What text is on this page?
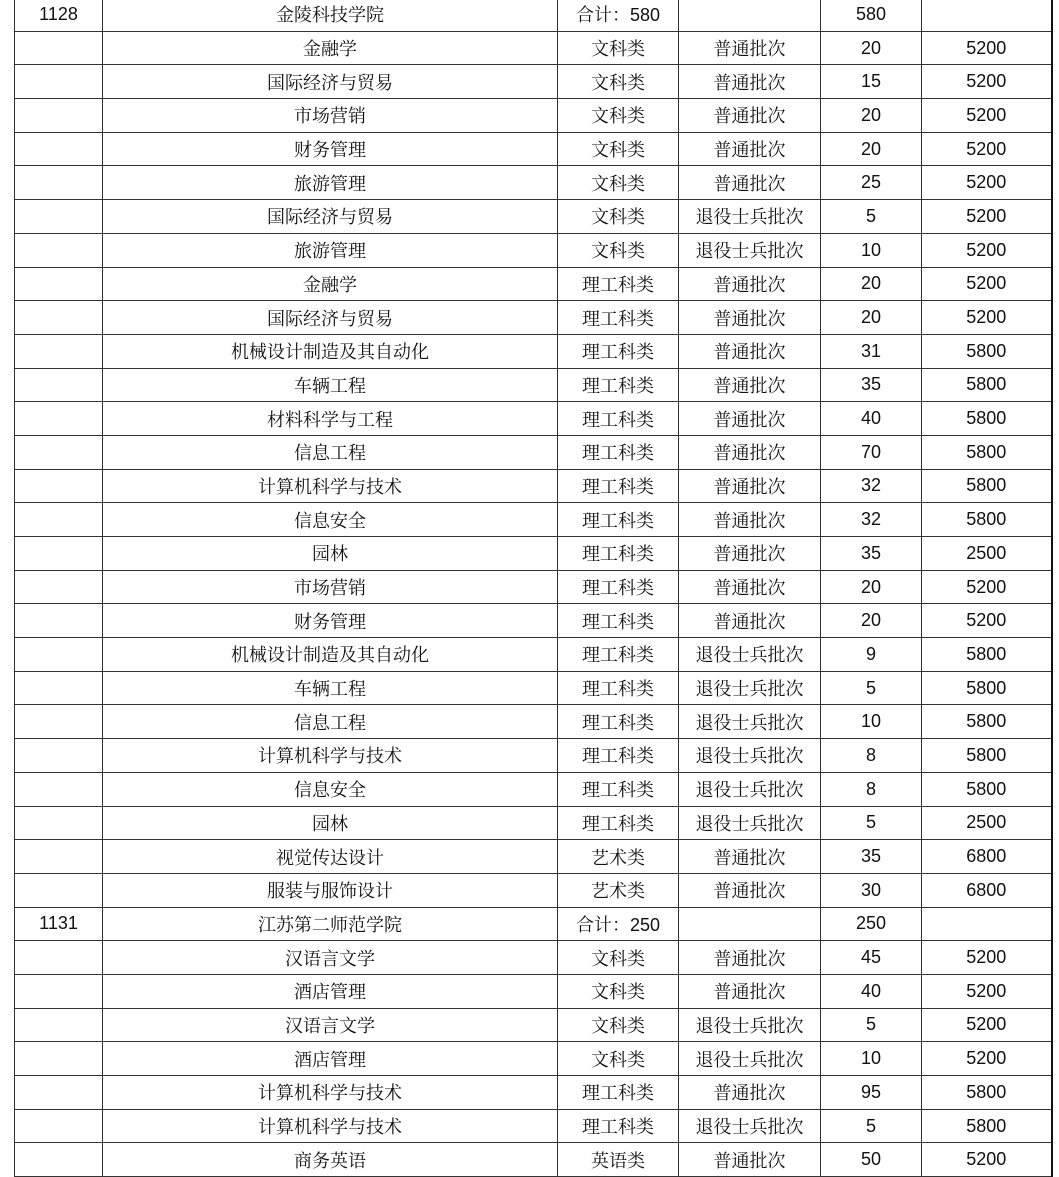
1128	金陵科技学院	合计：580		580	
	金融学	文科类	普通批次	20	5200
	国际经济与贸易	文科类	普通批次	15	5200
	市场营销	文科类	普通批次	20	5200
	财务管理	文科类	普通批次	20	5200
	旅游管理	文科类	普通批次	25	5200
	国际经济与贸易	文科类	退役士兵批次	5	5200
	旅游管理	文科类	退役士兵批次	10	5200
	金融学	理工科类	普通批次	20	5200
	国际经济与贸易	理工科类	普通批次	20	5200
	机械设计制造及其自动化	理工科类	普通批次	31	5800
	车辆工程	理工科类	普通批次	35	5800
	材料科学与工程	理工科类	普通批次	40	5800
	信息工程	理工科类	普通批次	70	5800
	计算机科学与技术	理工科类	普通批次	32	5800
	信息安全	理工科类	普通批次	32	5800
	园林	理工科类	普通批次	35	2500
	市场营销	理工科类	普通批次	20	5200
	财务管理	理工科类	普通批次	20	5200
	机械设计制造及其自动化	理工科类	退役士兵批次	9	5800
	车辆工程	理工科类	退役士兵批次	5	5800
	信息工程	理工科类	退役士兵批次	10	5800
	计算机科学与技术	理工科类	退役士兵批次	8	5800
	信息安全	理工科类	退役士兵批次	8	5800
	园林	理工科类	退役士兵批次	5	2500
	视觉传达设计	艺术类	普通批次	35	6800
	服装与服饰设计	艺术类	普通批次	30	6800
1131	江苏第二师范学院	合计：250		250	
	汉语言文学	文科类	普通批次	45	5200
	酒店管理	文科类	普通批次	40	5200
	汉语言文学	文科类	退役士兵批次	5	5200
	酒店管理	文科类	退役士兵批次	10	5200
	计算机科学与技术	理工科类	普通批次	95	5800
	计算机科学与技术	理工科类	退役士兵批次	5	5800
	商务英语	英语类	普通批次	50	5200
